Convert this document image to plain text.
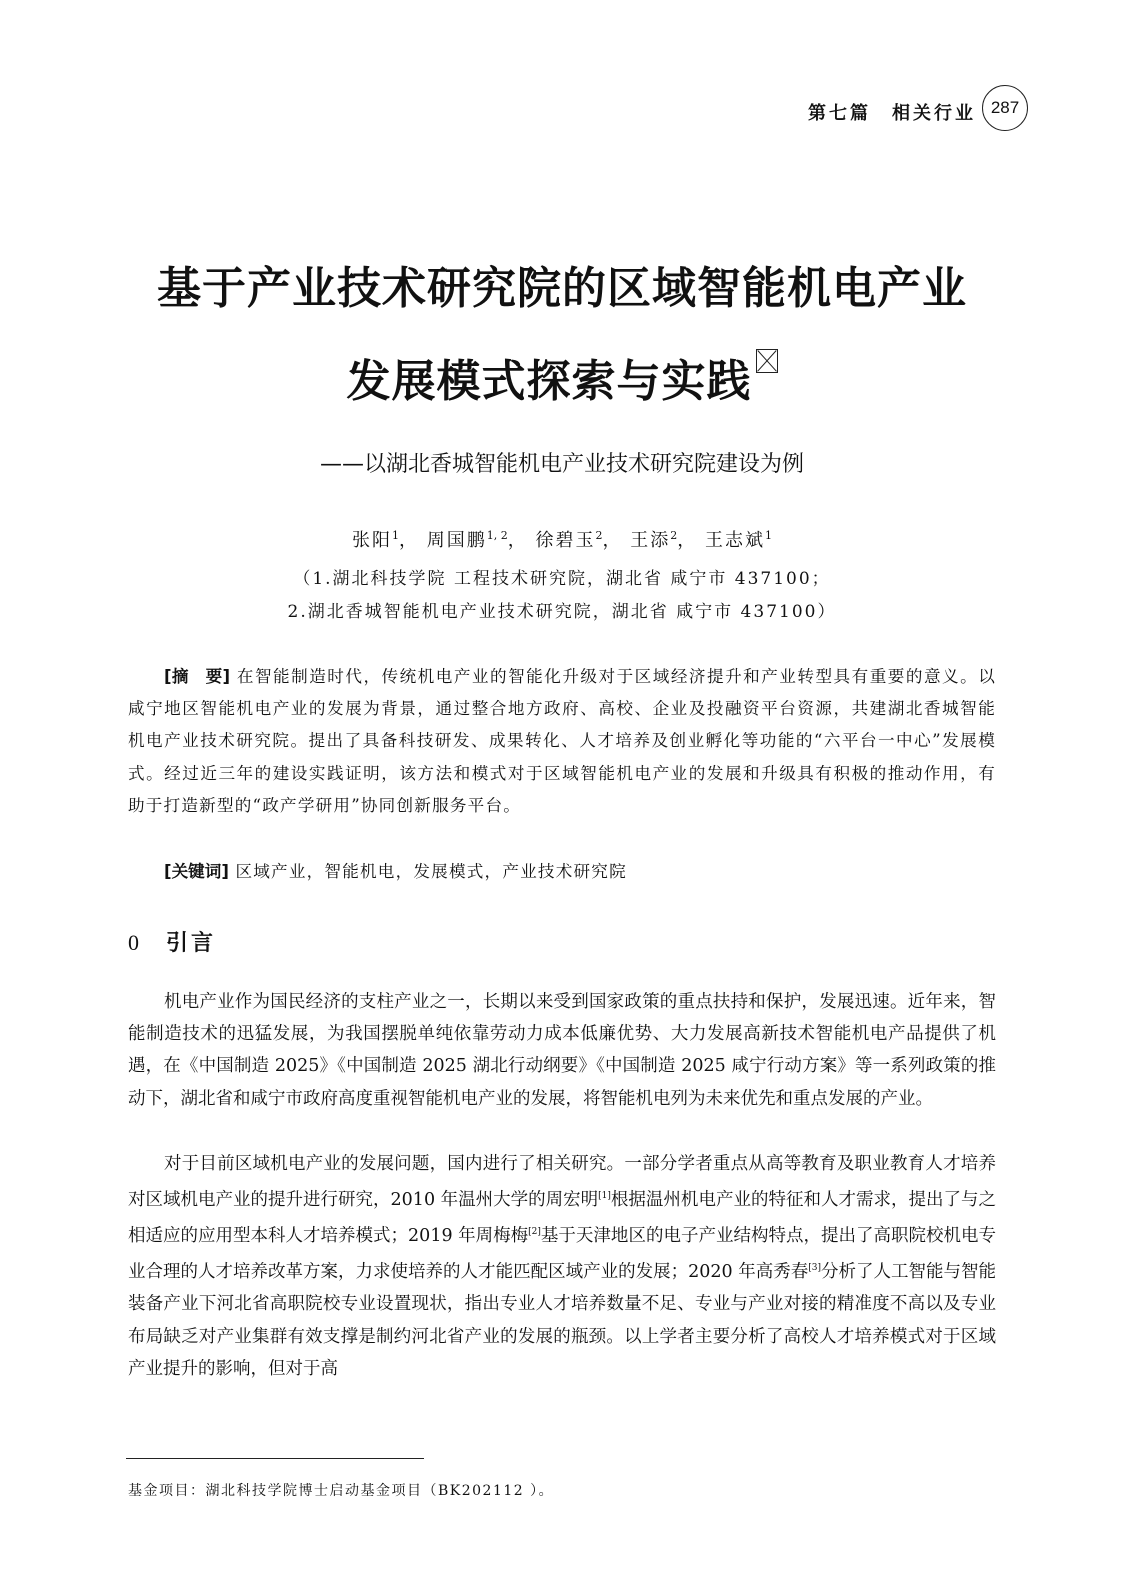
第七篇　相关行业 287
基于产业技术研究院的区域智能机电产业
发展模式探索与实践
——以湖北香城智能机电产业技术研究院建设为例
张阳$^1$， 周国鹏$^{1, 2}$， 徐碧玉$^2$， 王添$^2$， 王志斌$^1$
（1.湖北科技学院 工程技术研究院，湖北省 咸宁市 437100；
2.湖北香城智能机电产业技术研究院，湖北省 咸宁市 437100）
[摘　要] 在智能制造时代，传统机电产业的智能化升级对于区域经济提升和产业转型具有重要的意义。以咸宁地区智能机电产业的发展为背景，通过整合地方政府、高校、企业及投融资平台资源，共建湖北香城智能机电产业技术研究院。提出了具备科技研发、成果转化、人才培养及创业孵化等功能的“六平台一中心”发展模式。经过近三年的建设实践证明，该方法和模式对于区域智能机电产业的发展和升级具有积极的推动作用，有助于打造新型的“政产学研用”协同创新服务平台。
[关键词] 区域产业，智能机电，发展模式，产业技术研究院
0 引言
机电产业作为国民经济的支柱产业之一，长期以来受到国家政策的重点扶持和保护，发展迅速。近年来，智能制造技术的迅猛发展，为我国摆脱单纯依靠劳动力成本低廉优势、大力发展高新技术智能机电产品提供了机遇，在《中国制造 2025》《中国制造 2025 湖北行动纲要》《中国制造 2025 咸宁行动方案》等一系列政策的推动下，湖北省和咸宁市政府高度重视智能机电产业的发展，将智能机电列为未来优先和重点发展的产业。
对于目前区域机电产业的发展问题，国内进行了相关研究。一部分学者重点从高等教育及职业教育人才培养对区域机电产业的提升进行研究，2010 年温州大学的周宏明[1]根据温州机电产业的特征和人才需求，提出了与之相适应的应用型本科人才培养模式；2019 年周梅梅[2]基于天津地区的电子产业结构特点，提出了高职院校机电专业合理的人才培养改革方案，力求使培养的人才能匹配区域产业的发展；2020 年高秀春[3]分析了人工智能与智能装备产业下河北省高职院校专业设置现状，指出专业人才培养数量不足、专业与产业对接的精准度不高以及专业布局缺乏对产业集群有效支撑是制约河北省产业的发展的瓶颈。以上学者主要分析了高校人才培养模式对于区域产业提升的影响，但对于高
基金项目：湖北科技学院博士启动基金项目（BK202112 ）。
